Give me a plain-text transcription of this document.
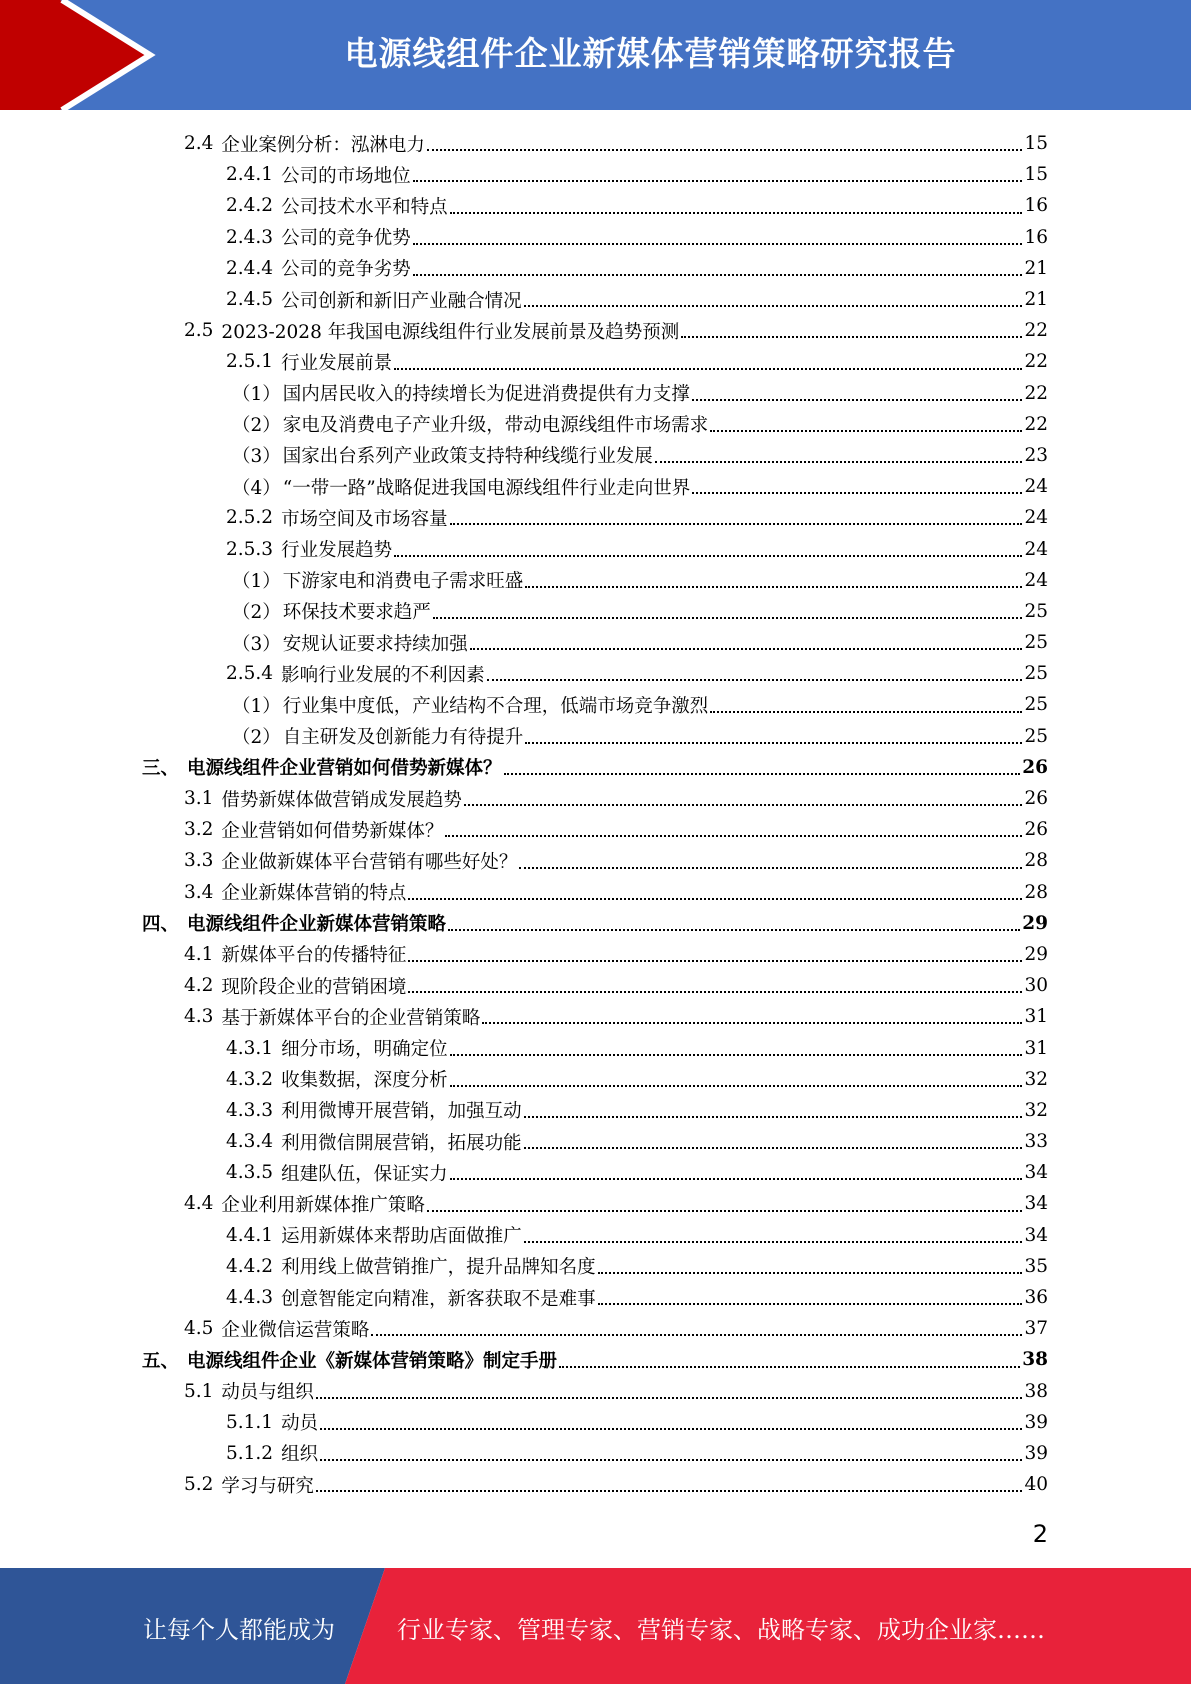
电源线组件企业新媒体营销策略研究报告
2.4 企业案例分析：泓淋电力	15
2.4.1 公司的市场地位	15
2.4.2 公司技术水平和特点	16
2.4.3 公司的竞争优势	16
2.4.4 公司的竞争劣势	21
2.4.5 公司创新和新旧产业融合情况	21
2.5 2023-2028 年我国电源线组件行业发展前景及趋势预测	22
2.5.1 行业发展前景	22
（1） 国内居民收入的持续增长为促进消费提供有力支撑	22
（2） 家电及消费电子产业升级，带动电源线组件市场需求	22
（3） 国家出台系列产业政策支持特种线缆行业发展	23
（4） “一带一路”战略促进我国电源线组件行业走向世界	24
2.5.2 市场空间及市场容量	24
2.5.3 行业发展趋势	24
（1） 下游家电和消费电子需求旺盛	24
（2） 环保技术要求趋严	25
（3） 安规认证要求持续加强	25
2.5.4 影响行业发展的不利因素	25
（1） 行业集中度低，产业结构不合理，低端市场竞争激烈	25
（2） 自主研发及创新能力有待提升	25
三、 电源线组件企业营销如何借势新媒体？	26
3.1 借势新媒体做营销成发展趋势	26
3.2 企业营销如何借势新媒体？	26
3.3 企业做新媒体平台营销有哪些好处？	28
3.4 企业新媒体营销的特点	28
四、 电源线组件企业新媒体营销策略	29
4.1 新媒体平台的传播特征	29
4.2 现阶段企业的营销困境	30
4.3 基于新媒体平台的企业营销策略	31
4.3.1 细分市场，明确定位	31
4.3.2 收集数据，深度分析	32
4.3.3 利用微博开展营销，加强互动	32
4.3.4 利用微信開展营销，拓展功能	33
4.3.5 组建队伍，保证实力	34
4.4 企业利用新媒体推广策略	34
4.4.1 运用新媒体来帮助店面做推广	34
4.4.2 利用线上做营销推广，提升品牌知名度	35
4.4.3 创意智能定向精准，新客获取不是难事	36
4.5 企业微信运营策略	37
五、 电源线组件企业《新媒体营销策略》制定手册	38
5.1 动员与组织	38
5.1.1 动员	39
5.1.2 组织	39
5.2 学习与研究	40
2
让每个人都能成为	行业专家、管理专家、营销专家、战略专家、成功企业家……
